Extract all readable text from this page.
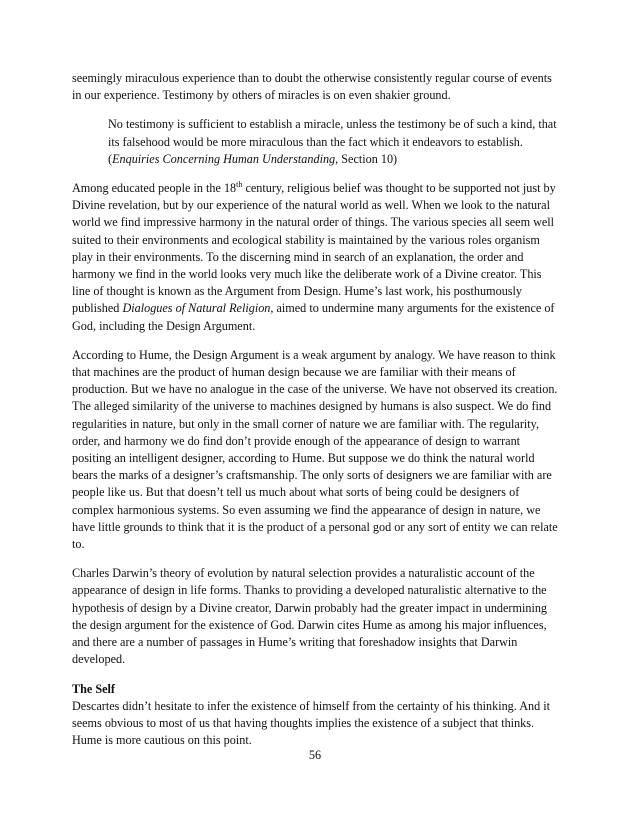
seemingly miraculous experience than to doubt the otherwise consistently regular course of events in our experience. Testimony by others of miracles is on even shakier ground.

No testimony is sufficient to establish a miracle, unless the testimony be of such a kind, that its falsehood would be more miraculous than the fact which it endeavors to establish. (Enquiries Concerning Human Understanding, Section 10)

Among educated people in the 18th century, religious belief was thought to be supported not just by Divine revelation, but by our experience of the natural world as well. When we look to the natural world we find impressive harmony in the natural order of things. The various species all seem well suited to their environments and ecological stability is maintained by the various roles organism play in their environments. To the discerning mind in search of an explanation, the order and harmony we find in the world looks very much like the deliberate work of a Divine creator. This line of thought is known as the Argument from Design. Hume’s last work, his posthumously published Dialogues of Natural Religion, aimed to undermine many arguments for the existence of God, including the Design Argument.

According to Hume, the Design Argument is a weak argument by analogy. We have reason to think that machines are the product of human design because we are familiar with their means of production. But we have no analogue in the case of the universe. We have not observed its creation. The alleged similarity of the universe to machines designed by humans is also suspect. We do find regularities in nature, but only in the small corner of nature we are familiar with. The regularity, order, and harmony we do find don’t provide enough of the appearance of design to warrant positing an intelligent designer, according to Hume. But suppose we do think the natural world bears the marks of a designer’s craftsmanship. The only sorts of designers we are familiar with are people like us. But that doesn’t tell us much about what sorts of being could be designers of complex harmonious systems. So even assuming we find the appearance of design in nature, we have little grounds to think that it is the product of a personal god or any sort of entity we can relate to.

Charles Darwin’s theory of evolution by natural selection provides a naturalistic account of the appearance of design in life forms. Thanks to providing a developed naturalistic alternative to the hypothesis of design by a Divine creator, Darwin probably had the greater impact in undermining the design argument for the existence of God. Darwin cites Hume as among his major influences, and there are a number of passages in Hume’s writing that foreshadow insights that Darwin developed.

The Self

Descartes didn’t hesitate to infer the existence of himself from the certainty of his thinking. And it seems obvious to most of us that having thoughts implies the existence of a subject that thinks. Hume is more cautious on this point.

56
